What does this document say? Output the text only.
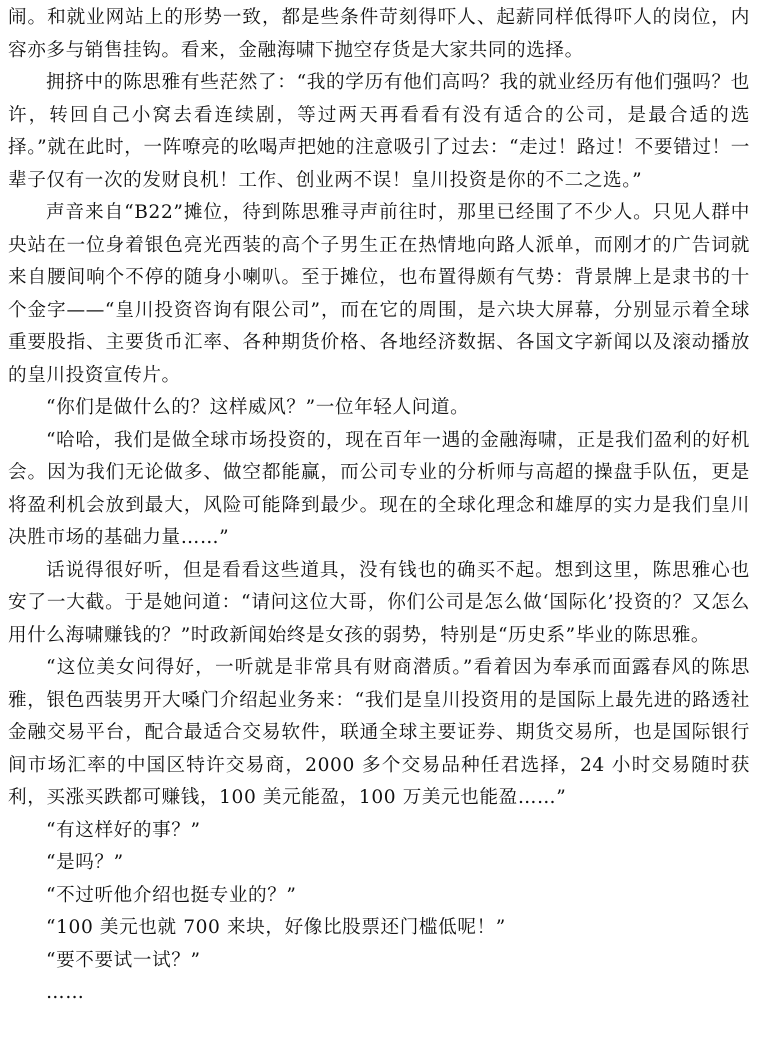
闹。和就业网站上的形势一致，都是些条件苛刻得吓人、起薪同样低得吓人的岗位，内容亦多与销售挂钩。看来，金融海啸下抛空存货是大家共同的选择。

拥挤中的陈思雅有些茫然了：“我的学历有他们高吗？我的就业经历有他们强吗？也许，转回自己小窝去看连续剧，等过两天再看看有没有适合的公司，是最合适的选择。”就在此时，一阵嘹亮的吆喝声把她的注意吸引了过去：“走过！路过！不要错过！一辈子仅有一次的发财良机！工作、创业两不误！皇川投资是你的不二之选。”

声音来自“B22”摊位，待到陈思雅寻声前往时，那里已经围了不少人。只见人群中央站在一位身着银色亮光西装的高个子男生正在热情地向路人派单，而刚才的广告词就来自腰间响个不停的随身小喇叭。至于摊位，也布置得颇有气势：背景牌上是隶书的十个金字——“皇川投资咨询有限公司”，而在它的周围，是六块大屏幕，分别显示着全球重要股指、主要货币汇率、各种期货价格、各地经济数据、各国文字新闻以及滚动播放的皇川投资宣传片。

“你们是做什么的？这样威风？”一位年轻人问道。

“哈哈，我们是做全球市场投资的，现在百年一遇的金融海啸，正是我们盈利的好机会。因为我们无论做多、做空都能赢，而公司专业的分析师与高超的操盘手队伍，更是将盈利机会放到最大，风险可能降到最少。现在的全球化理念和雄厚的实力是我们皇川决胜市场的基础力量……”

话说得很好听，但是看看这些道具，没有钱也的确买不起。想到这里，陈思雅心也安了一大截。于是她问道：“请问这位大哥，你们公司是怎么做‘国际化’投资的？又怎么用什么海啸赚钱的？”时政新闻始终是女孩的弱势，特别是“历史系”毕业的陈思雅。

“这位美女问得好，一听就是非常具有财商潜质。”看着因为奉承而面露春风的陈思雅，银色西装男开大嗓门介绍起业务来：“我们是皇川投资用的是国际上最先进的路透社金融交易平台，配合最适合交易软件，联通全球主要证券、期货交易所，也是国际银行间市场汇率的中国区特许交易商，2000 多个交易品种任君选择，24 小时交易随时获利，买涨买跌都可赚钱，100 美元能盈，100 万美元也能盈……”

“有这样好的事？”

“是吗？”

“不过听他介绍也挺专业的？”

“100 美元也就 700 来块，好像比股票还门槛低呢！”

“要不要试一试？”

……
